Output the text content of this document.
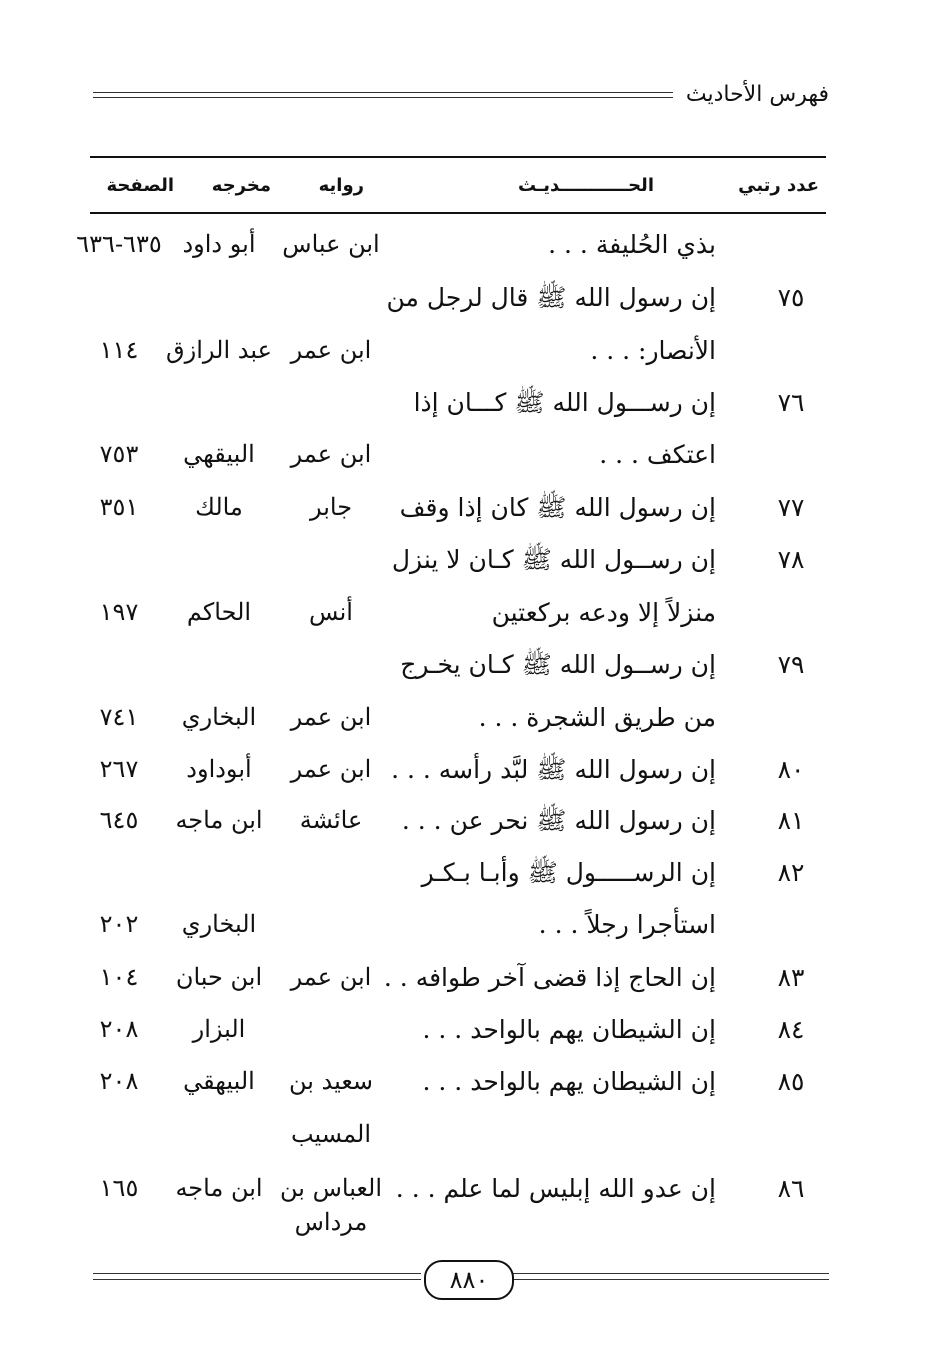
فهرس الأحاديث
عدد رتبي
الحـــــــــــديـث
روايه
مخرجه
الصفحة
بذي الحُليفة . . .
ابن عباس
أبو داود
٦٣٥-٦٣٦
٧٥
إن رسول الله ﷺ قال لرجل من
الأنصار: . . .
ابن عمر
عبد الرازق
١١٤
٧٦
إن رســـول الله ﷺ كـــان إذا
اعتكف . . .
ابن عمر
البيقهي
٧٥٣
٧٧
إن رسول الله ﷺ كان إذا وقف
جابر
مالك
٣٥١
٧٨
إن رســول الله ﷺ كـان لا ينزل
منزلاً إلا ودعه بركعتين
أنس
الحاكم
١٩٧
٧٩
إن رســول الله ﷺ كـان يخـرج
من طريق الشجرة . . .
ابن عمر
البخاري
٧٤١
٨٠
إن رسول الله ﷺ لبَّد رأسه . . .
ابن عمر
أبوداود
٢٦٧
٨١
إن رسول الله ﷺ نحر عن . . .
عائشة
ابن ماجه
٦٤٥
٨٢
إن الرســـــول ﷺ وأبـا بـكـر
استأجرا رجلاً . . .
البخاري
٢٠٢
٨٣
إن الحاج إذا قضى آخر طوافه . .
ابن عمر
ابن حبان
١٠٤
٨٤
إن الشيطان يهم بالواحد . . .
البزار
٢٠٨
٨٥
إن الشيطان يهم بالواحد . . .
سعيد بن
البيهقي
٢٠٨
المسيب
٨٦
إن عدو الله إبليس لما علم . . .
العباس بن
ابن ماجه
١٦٥
مرداس
٨٨٠
